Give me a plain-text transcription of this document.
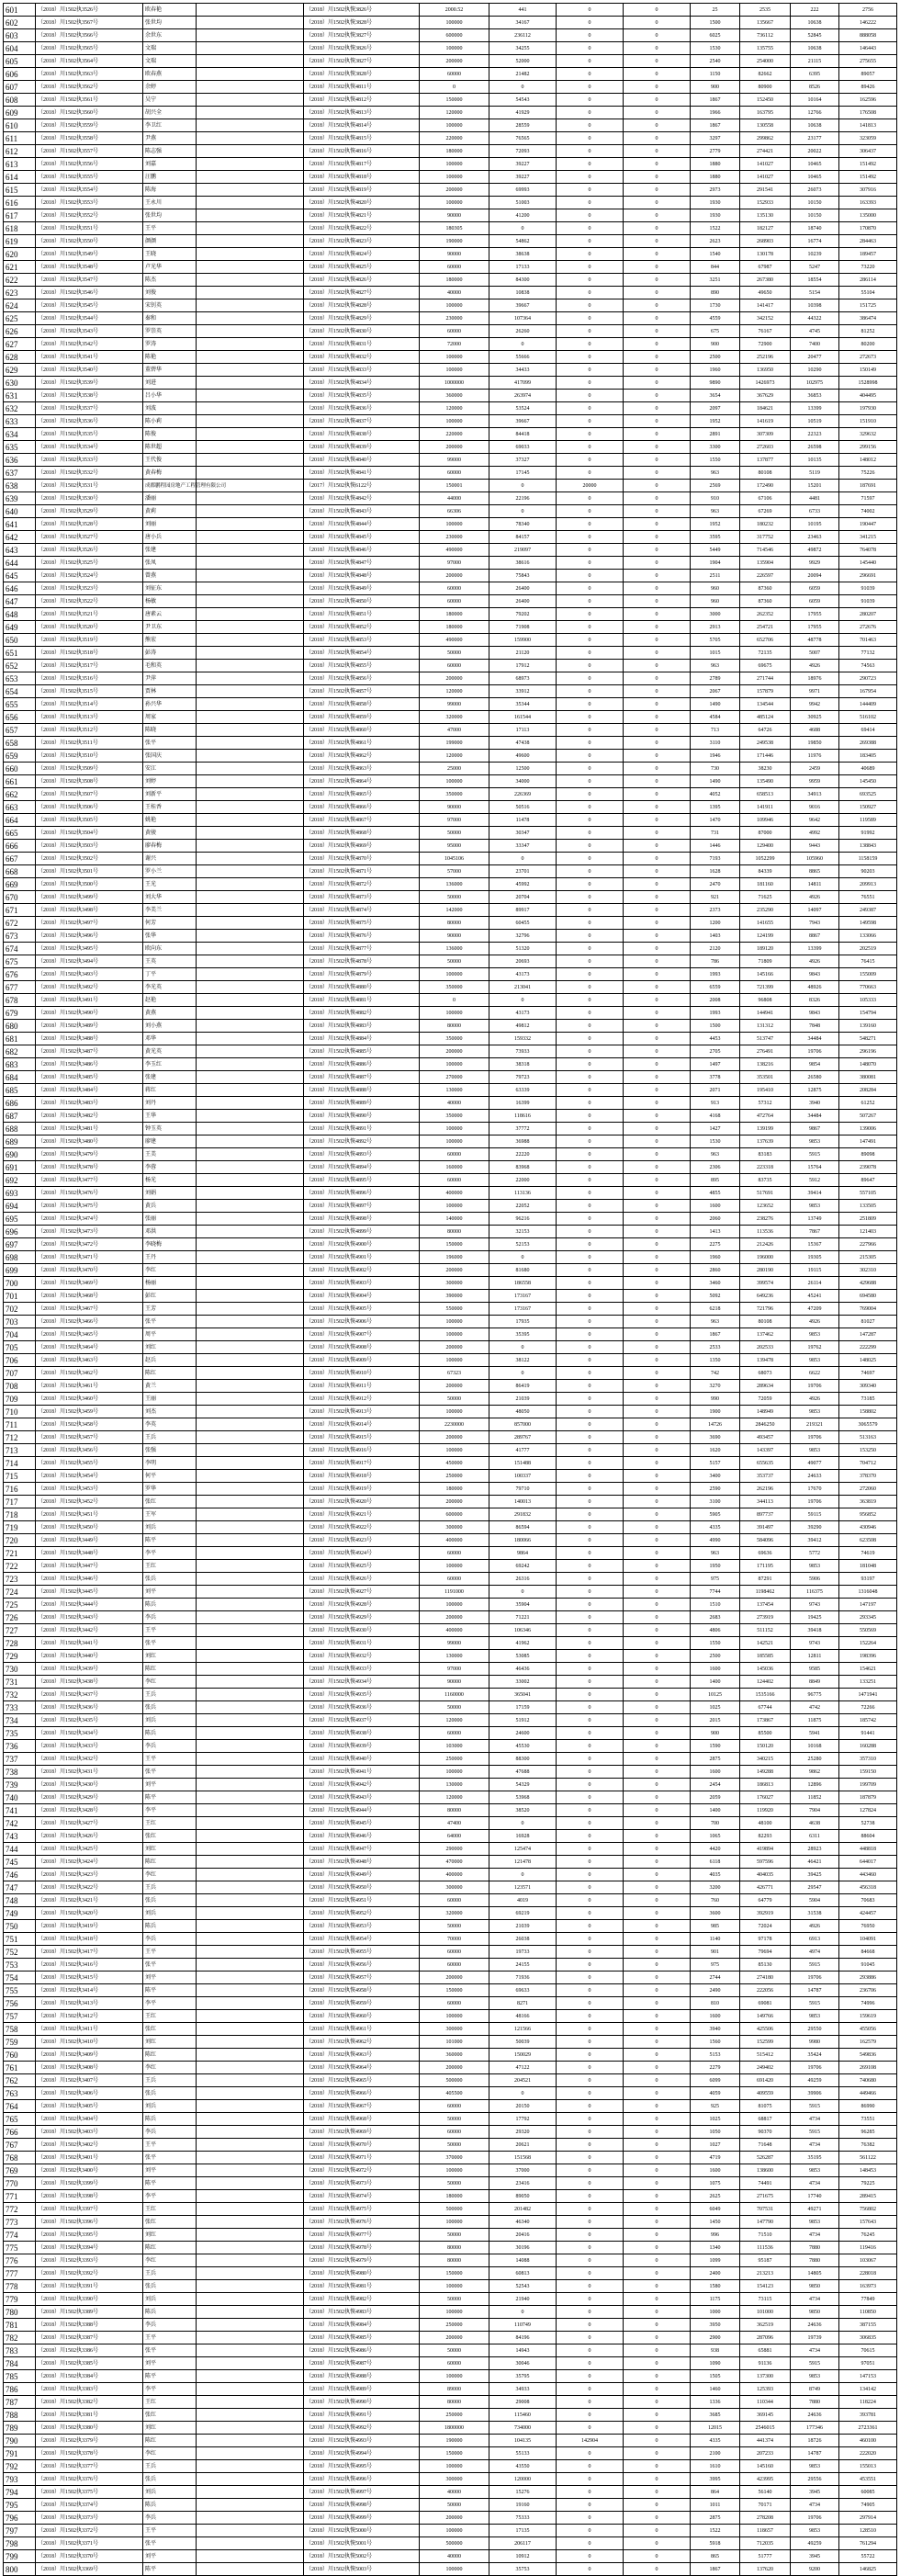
601	（2018）川1502执3526号	欧春艳		（2018）川1502执恢3826号	2000.52	441	0	0	25	2535	222	2756
602	（2018）川1502执3567号	张世均		（2018）川1502执恢3828号	100000	34167	0	0	1500	135667	10638	146222
603	（2018）川1502执3566号	余世东		（2018）川1502执恢3827号	600000	236112	0	0	6025	736112	52845	888058
604	（2018）川1502执3565号	文瑞		（2018）川1502执恢3826号	100000	34255	0	0	1530	135755	10638	146443
605	（2018）川1502执3564号	文瑞		（2018）川1502执恢3827号	200000	52000	0	0	2540	254000	21115	275655
606	（2018）川1502执3563号	欧春燕		（2018）川1502执恢3828号	60000	21482	0	0	1150	82662	6395	89057
607	（2018）川1502执3562号	余婷		（2018）川1502执恢4811号	0	0	0	0	900	80900	8526	89426
608	（2018）川1502执3561号	吴宁		（2018）川1502执恢4812号	150000	54543	0	0	1867	152450	10164	162596
609	（2018）川1502执3560号	胡兴全		（2018）川1502执恢4813号	120000	41929	0	0	1966	163795	12766	176508
610	（2018）川1502执3559号	李卫红		（2018）川1502执恢4814号	100000	28559	0	0	1867	130558	10638	141813
611	（2018）川1502执3558号	尹燕		（2018）川1502执恢4815号	220000	76565	0	0	3297	299862	23177	323059
612	（2018）川1502执3557号	陈志强		（2018）川1502执恢4816号	180000	72093	0	0	2779	274421	20022	306437
613	（2018）川1502执3556号	刘嘉		（2018）川1502执恢4817号	100000	39227	0	0	1880	141027	10465	151492
614	（2018）川1502执3555号	汪鹏		（2018）川1502执恢4818号	100000	39227	0	0	1880	141027	10465	151492
615	（2018）川1502执3554号	陈海		（2018）川1502执恢4819号	200000	69993	0	0	2973	291541	26073	307916
616	（2018）川1502执3553号	王永川		（2018）川1502执恢4820号	100000	51003	0	0	1930	152933	10150	163393
617	（2018）川1502执3552号	张世均		（2018）川1502执恢4821号	90000	41200	0	0	1930	135130	10150	135000
618	（2018）川1502执3551号	王平		（2018）川1502执恢4822号	180305	0	0	0	1522	182127	18740	170870
619	（2018）川1502执3550号	颜颜		（2018）川1502执恢4823号	190000	54862	0	0	2623	268903	16774	284463
620	（2018）川1502执3549号	王晓		（2018）川1502执恢4824号	90000	38638	0	0	1540	130178	10239	189457
621	（2018）川1502执3548号	卢光华		（2018）川1502执恢4825号	60000	17133	0	0	844	67987	5247	73220
622	（2018）川1502执3547号	陈杰		（2018）川1502执恢4826号	180000	84300	0	0	3251	267380	18554	286114
623	（2018）川1502执3546号	刘俊		（2018）川1502执恢4827号	40000	10838	0	0	890	49650	5154	55104
624	（2018）川1502执3545号	宋钊英		（2018）川1502执恢4828号	100000	39667	0	0	1730	141417	10398	151725
625	（2018）川1502执3544号	秦和		（2018）川1502执恢4829号	230000	107364	0	0	4559	342152	44322	386474
626	（2018）川1502执3543号	罗崇英		（2018）川1502执恢4830号	60000	26260	0	0	675	76167	4745	81252
627	（2018）川1502执3542号	罗涛		（2018）川1502执恢4831号	72000	0	0	0	900	72900	7400	80200
628	（2018）川1502执3541号	陈艳		（2018）川1502执恢4832号	100000	55666	0	0	2500	252196	20477	272673
629	（2018）川1502执3540号	董碧华		（2018）川1502执恢4833号	100000	34433	0	0	1960	136950	10290	150149
630	（2018）川1502执3539号	刘进		（2018）川1502执恢4834号	1000000	417099	0	0	9890	1426973	102975	1528998
631	（2018）川1502执3538号	吕小华		（2018）川1502执恢4835号	360000	263974	0	0	3654	367629	36853	404495
632	（2018）川1502执3537号	刘波		（2018）川1502执恢4836号	120000	53524	0	0	2097	184621	13399	197930
633	（2018）川1502执3536号	陈小莉		（2018）川1502执恢4837号	100000	39667	0	0	1952	141619	10519	151910
634	（2018）川1502执3535号	陈俊		（2018）川1502执恢4838号	220000	84418	0	0	2891	307309	22323	329632
635	（2018）川1502执3534号	陈世超		（2018）川1502执恢4839号	200000	69033	0	0	3300	272603	26598	299156
636	（2018）川1502执3533号	王代俊		（2018）川1502执恢4840号	99000	37327	0	0	1550	137877	10135	148012
637	（2018）川1502执3532号	黄春梅		（2018）川1502执恢4841号	60000	17145	0	0	963	80108	5119	75226
638	（2018）川1502执3531号	成都鹏程园房地产工程管理有限公司		（2017）川1502执恢6122号	150001	0	20000	0	2569	172490	15201	187691
639	（2018）川1502执3530号	潘丽		（2018）川1502执恢4842号	44000	22196	0	0	910	67106	4481	71597
640	（2018）川1502执3529号	黄莉		（2018）川1502执恢4843号	66306	0	0	0	963	67269	6733	74002
641	（2018）川1502执3528号	刘丽		（2018）川1502执恢4844号	100000	78340	0	0	1952	180232	10195	190447
642	（2018）川1502执3527号	唐小兵		（2018）川1502执恢4845号	230000	84157	0	0	3595	317752	23463	341215
643	（2018）川1502执3526号	张建		（2018）川1502执恢4846号	490000	219097	0	0	5449	714546	49872	764078
644	（2018）川1502执3525号	张凤		（2018）川1502执恢4847号	97000	38616	0	0	1904	135904	9929	145440
645	（2018）川1502执3524号	曾燕		（2018）川1502执恢4848号	200000	75843	0	0	2511	226597	20094	296691
646	（2018）川1502执3523号	刘征东		（2018）川1502执恢4849号	60000	26400	0	0	960	87360	6059	91039
647	（2018）川1502执3522号	杨敏		（2018）川1502执恢4850号	60000	26400	0	0	960	87360	6059	91039
648	（2018）川1502执3521号	唐素云		（2018）川1502执恢4851号	180000	79202	0	0	3000	262352	17955	280207
649	（2018）川1502执3520号	尹卫东		（2018）川1502执恢4852号	180000	71908	0	0	2913	254721	17955	272676
650	（2018）川1502执3519号	熊宏		（2018）川1502执恢4853号	490000	159900	0	0	5705	652706	48778	701463
651	（2018）川1502执3518号	彭涛		（2018）川1502执恢4854号	50000	21120	0	0	1015	72135	5007	77132
652	（2018）川1502执3517号	毛和英		（2018）川1502执恢4855号	60000	17912	0	0	963	69675	4926	74563
653	（2018）川1502执3516号	尹萍		（2018）川1502执恢4856号	200000	68973	0	0	2789	271744	18976	290723
654	（2018）川1502执3515号	贾林		（2018）川1502执恢4857号	120000	33912	0	0	2067	157879	9971	167954
655	（2018）川1502执3514号	孙兴华		（2018）川1502执恢4858号	99000	35344	0	0	1490	134544	9942	144409
656	（2018）川1502执3513号	周家		（2018）川1502执恢4859号	320000	161544	0	0	4584	485124	30925	516102
657	（2018）川1502执3512号	陈晓		（2018）川1502执恢4860号	47000	17113	0	0	713	64726	4688	69414
658	（2018）川1502执3511号	张平		（2018）川1502执恢4861号	199000	47438	0	0	3110	249538	19850	269388
659	（2018）川1502执3510号	张国庆		（2018）川1502执恢4862号	120000	49600	0	0	1946	171446	11976	183405
660	（2018）川1502执3509号	安江		（2018）川1502执恢4863号	25000	12500	0	0	730	38230	2459	40689
661	（2018）川1502执3508号	刘婷		（2018）川1502执恢4864号	100000	34000	0	0	1490	135490	9959	145450
662	（2018）川1502执3507号	刘新平		（2018）川1502执恢4865号	350000	226369	0	0	4052	658513	34913	693525
663	（2018）川1502执3506号	王桂香		（2018）川1502执恢4866号	90000	50516	0	0	1395	141911	9016	150927
664	（2018）川1502执3505号	姚艳		（2018）川1502执恢4867号	97000	11478	0	0	1470	109946	9642	119589
665	（2018）川1502执3504号	黄骏		（2018）川1502执恢4868号	50000	30347	0	0	731	87000	4992	91992
666	（2018）川1502执3503号	廖春梅		（2018）川1502执恢4869号	95000	33347	0	0	1446	129400	9443	138843
667	（2018）川1502执3502号	谢兴		（2018）川1502执恢4870号	1045106	0	0	0	7193	1052299	105960	1158159
668	（2018）川1502执3501号	罗小兰		（2018）川1502执恢4871号	57000	23701	0	0	1628	84339	8865	90203
669	（2018）川1502执3500号	王光		（2018）川1502执恢4872号	136000	45992	0	0	2470	181160	14811	209913
670	（2018）川1502执3499号	刘大华		（2018）川1502执恢4873号	50000	20704	0	0	921	71625	4926	76551
671	（2018）川1502执3498号	李美兰		（2018）川1502执恢4874号	142000	89917	0	0	2373	235290	14097	249387
672	（2018）川1502执3497号	何芳		（2018）川1502执恢4875号	80000	60455	0	0	1200	141655	7943	149598
673	（2018）川1502执3496号	张华		（2018）川1502执恢4876号	90000	32796	0	0	1403	124199	8867	133066
674	（2018）川1502执3495号	欧向东		（2018）川1502执恢4877号	136000	51320	0	0	2120	189120	13399	202519
675	（2018）川1502执3494号	王英		（2018）川1502执恢4878号	50000	20693	0	0	786	71809	4926	76415
676	（2018）川1502执3493号	丁平		（2018）川1502执恢4879号	100000	43173	0	0	1993	145166	9843	155009
677	（2018）川1502执3492号	李光英		（2018）川1502执恢4880号	350000	213041	0	0	6559	721399	48926	770663
678	（2018）川1502执3491号	赵艳		（2018）川1502执恢4881号	0	0	0	0	2008	96808	8326	105333
679	（2018）川1502执3490号	黄燕		（2018）川1502执恢4882号	100000	43173	0	0	1993	144941	9843	154794
680	（2018）川1502执3489号	刘小燕		（2018）川1502执恢4883号	80000	49812	0	0	1500	131312	7848	139160
681	（2018）川1502执3488号	邓华		（2018）川1502执恢4884号	350000	159332	0	0	4453	513747	34484	548271
682	（2018）川1502执3487号	黄光英		（2018）川1502执恢4885号	200000	73933	0	0	2705	276491	19706	296196
683	（2018）川1502执3486号	李玉红		（2018）川1502执恢4886号	100000	38318	0	0	1497	138216	9854	148070
684	（2018）川1502执3485号	张建		（2018）川1502执恢4887号	270000	79723	0	0	3778	353501	26580	380081
685	（2018）川1502执3484号	蒋红		（2018）川1502执恢4888号	130000	63339	0	0	2071	195410	12875	208284
686	（2018）川1502执3483号	刘丹		（2018）川1502执恢4889号	40000	16399	0	0	913	57312	3940	61252
687	（2018）川1502执3482号	王华		（2018）川1502执恢4890号	350000	118616	0	0	4168	472764	34484	507267
688	（2018）川1502执3481号	钟玉英		（2018）川1502执恢4891号	100000	37772	0	0	1427	139199	9867	139006
689	（2018）川1502执3480号	廖建		（2018）川1502执恢4892号	100000	36988	0	0	1530	137639	9853	147491
690	（2018）川1502执3479号	王美		（2018）川1502执恢4893号	60000	22220	0	0	963	83183	5915	89098
691	（2018）川1502执3478号	李蓉		（2018）川1502执恢4894号	160000	83968	0	0	2306	223318	15764	239078
692	（2018）川1502执3477号	杨光		（2018）川1502执恢4895号	60000	22000	0	0	895	83735	5912	89647
693	（2018）川1502执3476号	刘娟		（2018）川1502执恢4896号	400000	113136	0	0	4855	517691	39414	557105
694	（2018）川1502执3475号	黄兵		（2018）川1502执恢4897号	100000	22052	0	0	1600	123652	9853	133505
695	（2018）川1502执3474号	张丽		（2018）川1502执恢4898号	140000	96216	0	0	2060	238276	13749	251809
696	（2018）川1502执3473号	邓洪		（2018）川1502执恢4899号	80000	32153	0	0	1413	113536	7867	121403
697	（2018）川1502执3472号	李晓梅		（2018）川1502执恢4900号	150000	52153	0	0	2275	212426	15367	227966
698	（2018）川1502执3471号	王丹		（2018）川1502执恢4901号	196000	0	0	0	1960	196000	19305	215305
699	（2018）川1502执3470号	李红		（2018）川1502执恢4902号	200000	81680	0	0	2860	280190	19115	302310
700	（2018）川1502执3469号	杨丽		（2018）川1502执恢4903号	300000	186558	0	0	3460	399574	26114	429688
701	（2018）川1502执3468号	彭红		（2018）川1502执恢4904号	390000	173167	0	0	5092	649236	45241	694580
702	（2018）川1502执3467号	王芳		（2018）川1502执恢4905号	550000	173167	0	0	6218	721796	47209	769004
703	（2018）川1502执3466号	张平		（2018）川1502执恢4906号	100000	17935	0	0	963	80108	4926	81027
704	（2018）川1502执3465号	周平		（2018）川1502执恢4907号	100000	35395	0	0	1867	137462	9853	147287
705	（2018）川1502执3464号	刘红		（2018）川1502执恢4908号	200000	0	0	0	2533	202533	19762	222299
706	（2018）川1502执3463号	赵兵		（2018）川1502执恢4909号	100000	38122	0	0	1350	139478	9853	148025
707	（2018）川1502执3462号	陈红		（2018）川1502执恢4910号	67323	0	0	0	742	68073	6622	74697
708	（2018）川1502执3461号	黄兰		（2018）川1502执恢4911号	200000	86419	0	0	3270	289634	19706	309340
709	（2018）川1502执3460号	王丽		（2018）川1502执恢4912号	50000	21039	0	0	990	72059	4926	73185
710	（2018）川1502执3459号	刘杰		（2018）川1502执恢4913号	100000	48050	0	0	1900	148949	9853	158802
711	（2018）川1502执3458号	李英		（2018）川1502执恢4914号	2230000	857000	0	0	14726	2846250	219321	3065579
712	（2018）川1502执3457号	王兵		（2018）川1502执恢4915号	200000	289767	0	0	3690	493457	19706	513163
713	（2018）川1502执3456号	张强		（2018）川1502执恢4916号	100000	41777	0	0	1620	143397	9853	153250
714	（2018）川1502执3455号	李明		（2018）川1502执恢4917号	450000	151488	0	0	5157	655635	49077	704712
715	（2018）川1502执3454号	何平		（2018）川1502执恢4918号	250000	100337	0	0	3400	353737	24633	378370
716	（2018）川1502执3453号	罗华		（2018）川1502执恢4919号	180000	79710	0	0	2590	262196	17670	272060
717	（2018）川1502执3452号	张红		（2018）川1502执恢4920号	200000	140013	0	0	3100	344113	19706	363819
718	（2018）川1502执3451号	王军		（2018）川1502执恢4921号	600000	291832	0	0	5905	897737	59115	956852
719	（2018）川1502执3450号	刘兵		（2018）川1502执恢4922号	300000	86594	0	0	4335	391497	39290	430946
720	（2018）川1502执3449号	陈平		（2018）川1502执恢4923号	400000	180066	0	0	4990	584096	39412	623508
721	（2018）川1502执3448号	李平		（2018）川1502执恢4924号	60000	9864	0	0	963	69636	5772	74619
722	（2018）川1502执3447号	王红		（2018）川1502执恢4925号	100000	69242	0	0	1950	171195	9853	181048
723	（2018）川1502执3446号	张兵		（2018）川1502执恢4926号	60000	26316	0	0	975	87291	5906	93197
724	（2018）川1502执3445号	刘平		（2018）川1502执恢4927号	1191000	0	0	0	7744	1198462	116375	1316048
725	（2018）川1502执3444号	陈兵		（2018）川1502执恢4928号	100000	35904	0	0	1510	137454	9743	147197
726	（2018）川1502执3443号	李兵		（2018）川1502执恢4929号	200000	71221	0	0	2683	273919	19425	293345
727	（2018）川1502执3442号	王平		（2018）川1502执恢4930号	400000	106346	0	0	4806	511152	39418	550569
728	（2018）川1502执3441号	张平		（2018）川1502执恢4931号	99000	41962	0	0	1550	142521	9743	152264
729	（2018）川1502执3440号	刘红		（2018）川1502执恢4932号	130000	53085	0	0	2500	185585	12811	198396
730	（2018）川1502执3439号	陈红		（2018）川1502执恢4933号	97000	46436	0	0	1600	145036	9585	154621
731	（2018）川1502执3438号	李红		（2018）川1502执恢4934号	90000	33002	0	0	1400	124402	8849	133251
732	（2018）川1502执3437号	王兵		（2018）川1502执恢4935号	1160000	365041	0	0	10125	1535166	96775	1471941
733	（2018）川1502执3436号	张兵		（2018）川1502执恢4936号	50000	17159	0	0	1025	67744	4742	72266
734	（2018）川1502执3435号	刘兵		（2018）川1502执恢4937号	120000	51912	0	0	2015	173867	11875	185742
735	（2018）川1502执3434号	陈兵		（2018）川1502执恢4938号	60000	24600	0	0	900	85500	5941	91441
736	（2018）川1502执3433号	李兵		（2018）川1502执恢4939号	103000	45530	0	0	1590	150120	10168	160288
737	（2018）川1502执3432号	王平		（2018）川1502执恢4940号	250000	88300	0	0	2875	340215	25280	357310
738	（2018）川1502执3431号	张平		（2018）川1502执恢4941号	100000	47688	0	0	1600	149288	9862	159150
739	（2018）川1502执3430号	刘平		（2018）川1502执恢4942号	130000	54329	0	0	2454	186813	12896	199709
740	（2018）川1502执3429号	陈平		（2018）川1502执恢4943号	120000	53968	0	0	2059	176027	11852	187879
741	（2018）川1502执3428号	李平		（2018）川1502执恢4944号	80000	38520	0	0	1400	119920	7904	127824
742	（2018）川1502执3427号	王红		（2018）川1502执恢4945号	47400	0	0	0	700	48100	4638	52738
743	（2018）川1502执3426号	张红		（2018）川1502执恢4946号	64000	16928	0	0	1065	82293	6311	88604
744	（2018）川1502执3425号	刘红		（2018）川1502执恢4947号	290000	125474	0	0	4420	419894	28923	448818
745	（2018）川1502执3424号	陈红		（2018）川1502执恢4948号	470000	121478	0	0	6118	597596	46421	644017
746	（2018）川1502执3423号	李红		（2018）川1502执恢4949号	400000	0	0	0	4035	404035	39425	443460
747	（2018）川1502执3422号	王兵		（2018）川1502执恢4950号	300000	123571	0	0	3200	426771	29547	456318
748	（2018）川1502执3421号	张兵		（2018）川1502执恢4951号	60000	4019	0	0	760	64779	5904	70683
749	（2018）川1502执3420号	刘兵		（2018）川1502执恢4952号	320000	69219	0	0	3600	392919	31538	424457
750	（2018）川1502执3419号	陈兵		（2018）川1502执恢4953号	50000	21039	0	0	985	72024	4926	76950
751	（2018）川1502执3418号	李兵		（2018）川1502执恢4954号	70000	26038	0	0	1140	97178	6913	104091
752	（2018）川1502执3417号	王平		（2018）川1502执恢4955号	60000	19733	0	0	901	79694	4974	84668
753	（2018）川1502执3416号	张平		（2018）川1502执恢4956号	60000	24155	0	0	975	85130	5915	91045
754	（2018）川1502执3415号	刘平		（2018）川1502执恢4957号	200000	71936	0	0	2744	274180	19706	293886
755	（2018）川1502执3414号	陈平		（2018）川1502执恢4958号	150000	69633	0	0	2490	222056	14787	236706
756	（2018）川1502执3413号	李平		（2018）川1502执恢4959号	60000	8271	0	0	810	69081	5915	74996
757	（2018）川1502执3412号	王红		（2018）川1502执恢4960号	100000	48166	0	0	1600	149766	9853	159619
758	（2018）川1502执3411号	张红		（2018）川1502执恢4961号	300000	121566	0	0	3940	425506	29550	455056
759	（2018）川1502执3410号	刘红		（2018）川1502执恢4962号	101000	50039	0	0	1560	152599	9980	162579
760	（2018）川1502执3409号	陈红		（2018）川1502执恢4963号	360000	150029	0	0	5153	515412	35424	549836
761	（2018）川1502执3408号	李红		（2018）川1502执恢4964号	200000	47122	0	0	2279	249402	19706	269108
762	（2018）川1502执3407号	王兵		（2018）川1502执恢4965号	500000	204521	0	0	6099	691420	49259	740680
763	（2018）川1502执3406号	张兵		（2018）川1502执恢4966号	405500	0	0	0	4059	409559	39906	449466
764	（2018）川1502执3405号	刘兵		（2018）川1502执恢4967号	60000	20150	0	0	925	81075	5915	86990
765	（2018）川1502执3404号	陈兵		（2018）川1502执恢4968号	50000	17792	0	0	1025	68817	4734	73551
766	（2018）川1502执3403号	李兵		（2018）川1502执恢4969号	60000	29320	0	0	1050	90370	5915	96285
767	（2018）川1502执3402号	王平		（2018）川1502执恢4970号	50000	20621	0	0	1027	71648	4734	76382
768	（2018）川1502执3401号	张平		（2018）川1502执恢4971号	370000	151568	0	0	4719	526287	35195	561122
769	（2018）川1502执3400号	刘平		（2018）川1502执恢4972号	100000	37000	0	0	1600	138600	9853	148453
770	（2018）川1502执3399号	陈平		（2018）川1502执恢4973号	50000	23416	0	0	1075	74491	4734	79225
771	（2018）川1502执3398号	李平		（2018）川1502执恢4974号	180000	89050	0	0	2625	271675	17740	289415
772	（2018）川1502执3397号	王红		（2018）川1502执恢4975号	500000	201482	0	0	6049	707531	49271	756802
773	（2018）川1502执3396号	张红		（2018）川1502执恢4976号	100000	46340	0	0	1450	147790	9853	157643
774	（2018）川1502执3395号	刘红		（2018）川1502执恢4977号	50000	20416	0	0	996	71510	4734	76245
775	（2018）川1502执3394号	陈红		（2018）川1502执恢4978号	80000	30196	0	0	1340	111536	7880	119416
776	（2018）川1502执3393号	李红		（2018）川1502执恢4979号	80000	14088	0	0	1099	95187	7880	103067
777	（2018）川1502执3392号	王兵		（2018）川1502执恢4980号	150000	60813	0	0	2400	213213	14805	228018
778	（2018）川1502执3391号	张兵		（2018）川1502执恢4981号	100000	52543	0	0	1580	154123	9850	163973
779	（2018）川1502执3390号	刘兵		（2018）川1502执恢4982号	50000	21940	0	0	1175	73115	4734	77849
780	（2018）川1502执3389号	陈兵		（2018）川1502执恢4983号	100000	0	0	0	1000	101000	9850	110850
781	（2018）川1502执3388号	李兵		（2018）川1502执恢4984号	250000	110749	0	0	3950	362519	24636	387155
782	（2018）川1502执3387号	王平		（2018）川1502执恢4985号	200000	84196	0	0	2900	287096	19739	306835
783	（2018）川1502执3386号	张平		（2018）川1502执恢4986号	50000	14943	0	0	938	65881	4734	70615
784	（2018）川1502执3385号	刘平		（2018）川1502执恢4987号	60000	30046	0	0	1090	91136	5915	97051
785	（2018）川1502执3384号	陈平		（2018）川1502执恢4988号	100000	35795	0	0	1505	137300	9853	147153
786	（2018）川1502执3383号	李平		（2018）川1502执恢4989号	89000	34933	0	0	1460	125393	8749	134142
787	（2018）川1502执3382号	王红		（2018）川1502执恢4990号	80000	29008	0	0	1336	110344	7880	118224
788	（2018）川1502执3381号	张红		（2018）川1502执恢4991号	250000	115460	0	0	3685	369145	24636	393781
789	（2018）川1502执3380号	刘红		（2018）川1502执恢4992号	1800000	734000	0	0	12015	2546015	177346	2723361
790	（2018）川1502执3379号	陈红		（2018）川1502执恢4993号	190000	104135	142904	0	4335	441374	18726	460100
791	（2018）川1502执3378号	李红		（2018）川1502执恢4994号	150000	55133	0	0	2100	207233	14787	222020
792	（2018）川1502执3377号	王兵		（2018）川1502执恢4995号	100000	43550	0	0	1610	145160	9853	155013
793	（2018）川1502执3376号	张兵		（2018）川1502执恢4996号	300000	120000	0	0	3995	423995	29556	453551
794	（2018）川1502执3375号	刘兵		（2018）川1502执恢4997号	40000	15276	0	0	864	56140	3945	60085
795	（2018）川1502执3374号	陈兵		（2018）川1502执恢4998号	50000	19160	0	0	1011	70171	4734	74905
796	（2018）川1502执3373号	李兵		（2018）川1502执恢4999号	200000	75333	0	0	2875	278208	19706	297914
797	（2018）川1502执3372号	王平		（2018）川1502执恢5000号	100000	17135	0	0	1522	118657	9853	128510
798	（2018）川1502执3371号	张平		（2018）川1502执恢5001号	500000	206117	0	0	5918	712035	49259	761294
799	（2018）川1502执3370号	刘平		（2018）川1502执恢5002号	40000	10912	0	0	865	51777	3945	55722
800	（2018）川1502执3369号	陈平		（2018）川1502执恢5003号	100000	35753	0	0	1867	137620	9200	146825
